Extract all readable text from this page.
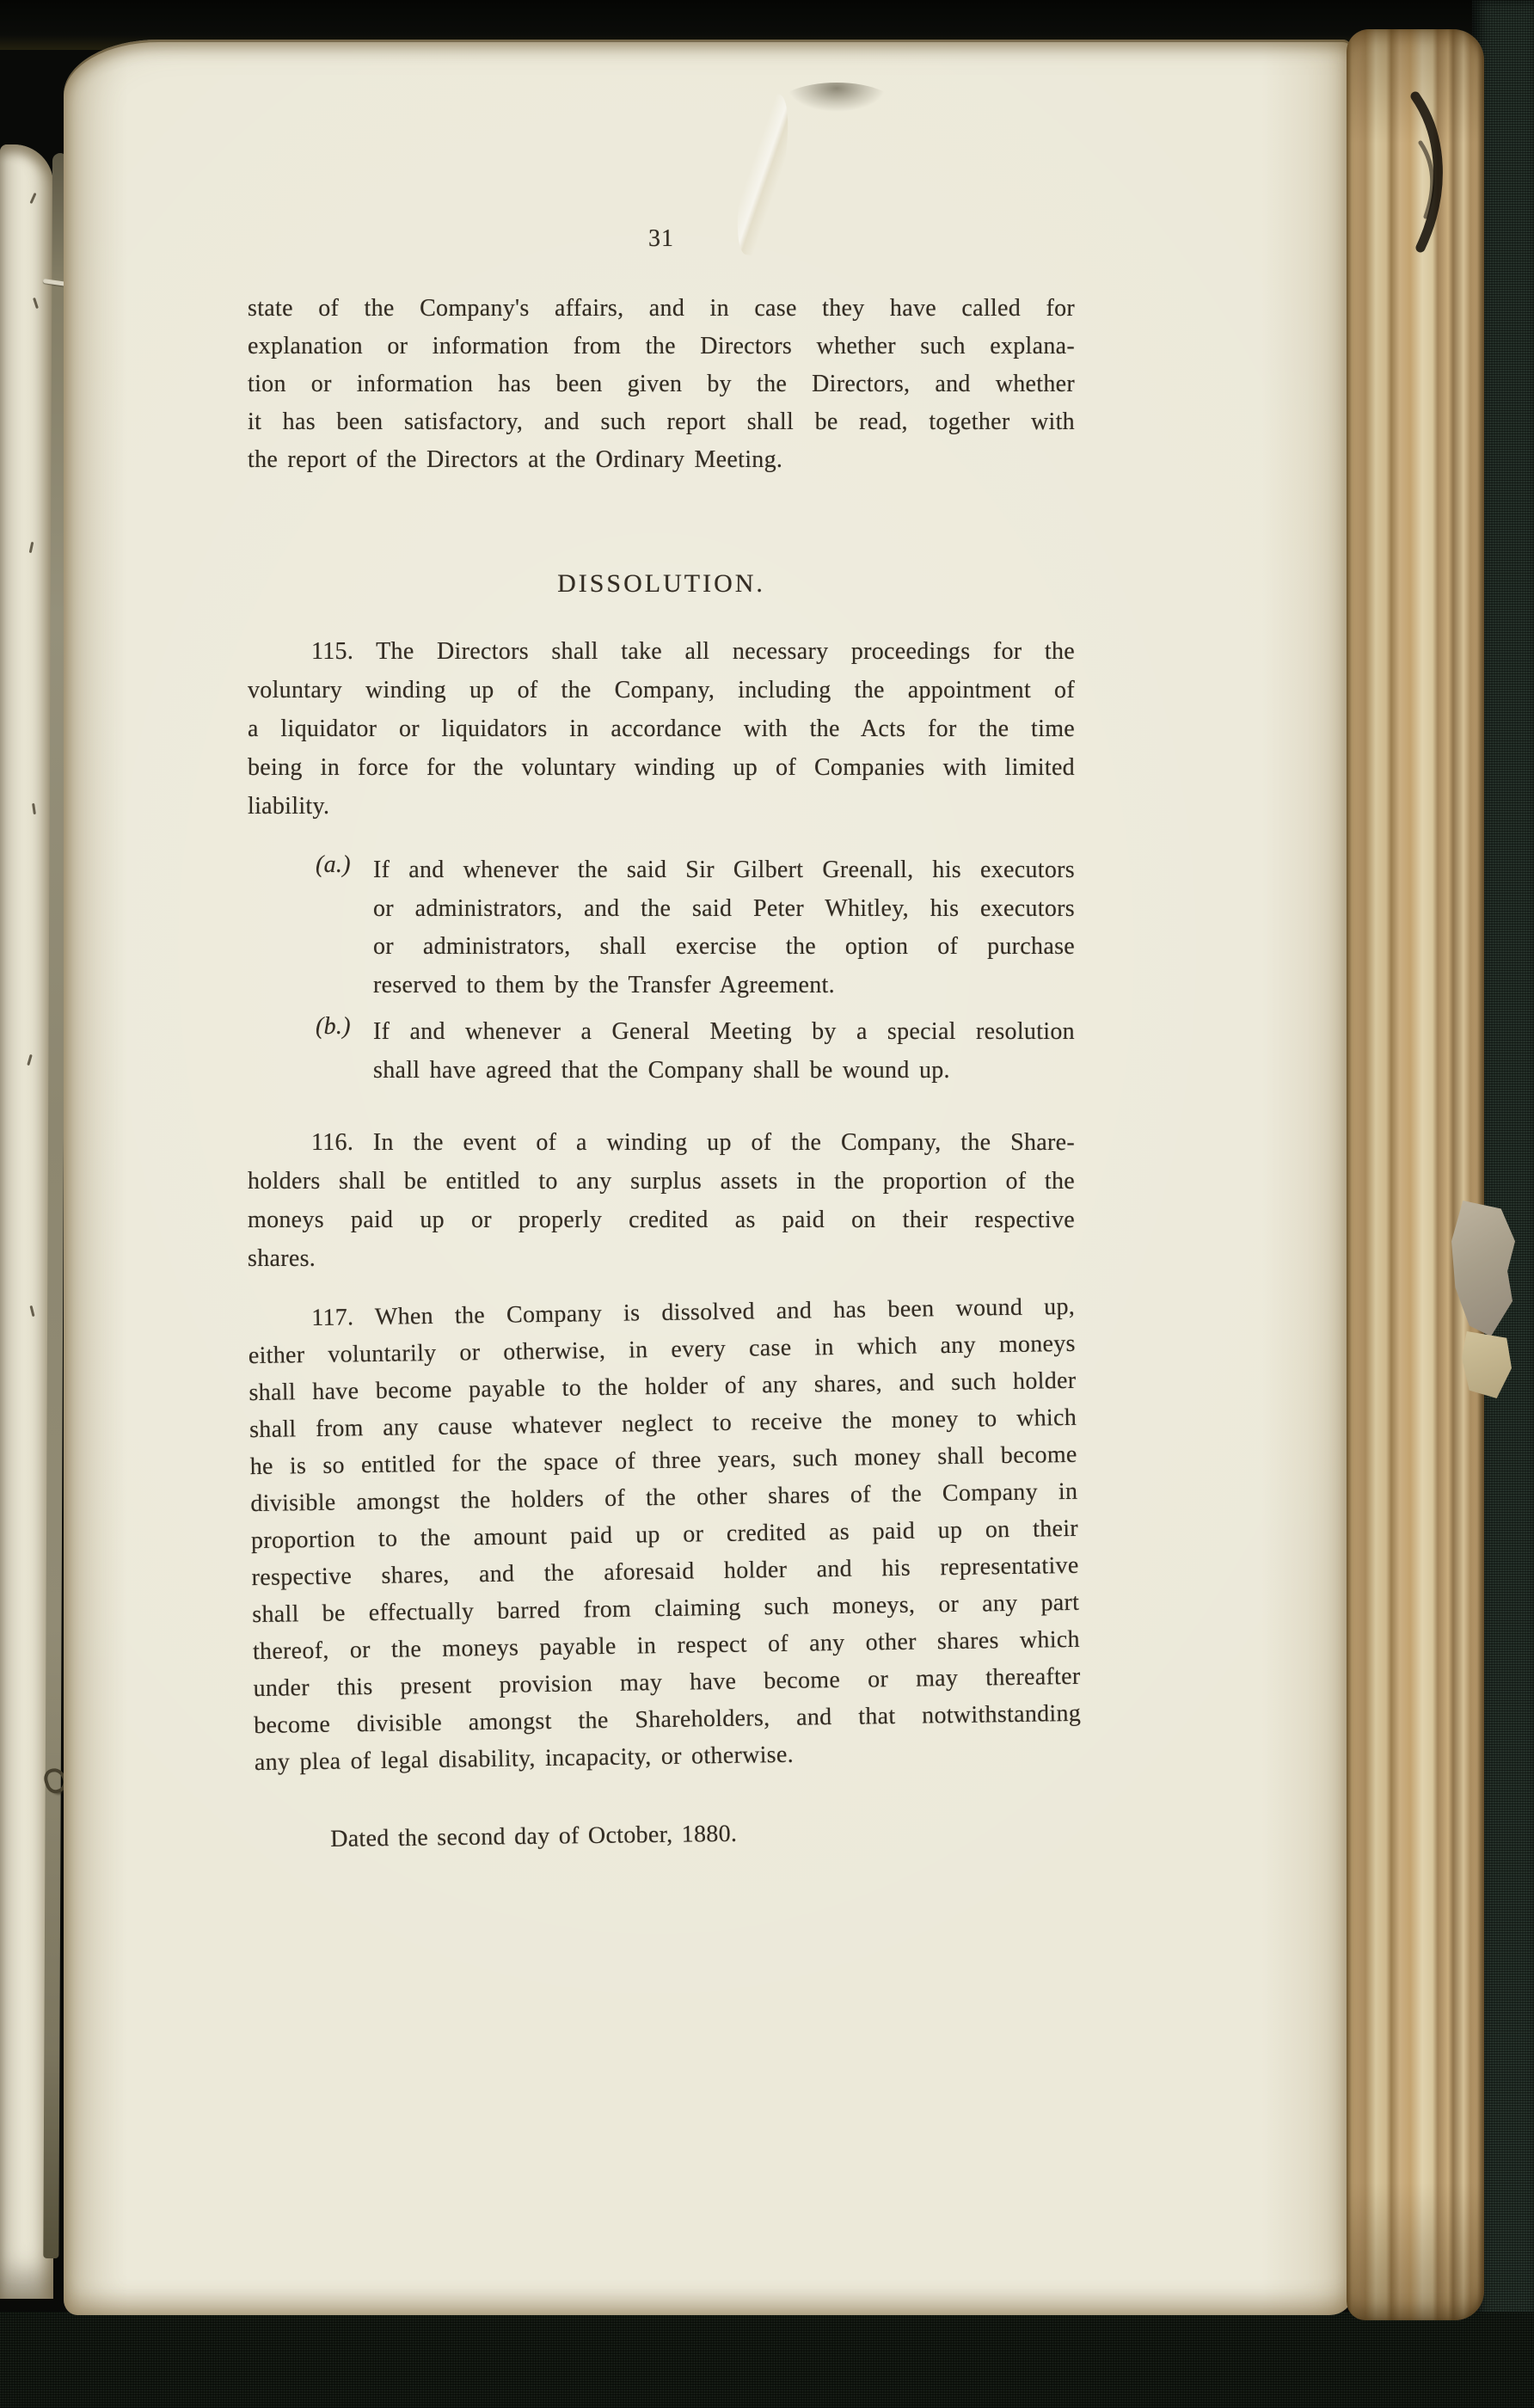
31
state of the Company's affairs, and in case they have called for
explanation or information from the Directors whether such explana-
tion or information has been given by the Directors, and whether
it has been satisfactory, and such report shall be read, together with
the report of the Directors at the Ordinary Meeting.
DISSOLUTION.
115. The Directors shall take all necessary proceedings for the
voluntary winding up of the Company, including the appointment of
a liquidator or liquidators in accordance with the Acts for the time
being in force for the voluntary winding up of Companies with limited
liability.
(a.) If and whenever the said Sir Gilbert Greenall, his executors
or administrators, and the said Peter Whitley, his executors
or administrators, shall exercise the option of purchase
reserved to them by the Transfer Agreement.
(b.) If and whenever a General Meeting by a special resolution
shall have agreed that the Company shall be wound up.
116. In the event of a winding up of the Company, the Share-
holders shall be entitled to any surplus assets in the proportion of the
moneys paid up or properly credited as paid on their respective
shares.
117. When the Company is dissolved and has been wound up,
either voluntarily or otherwise, in every case in which any moneys
shall have become payable to the holder of any shares, and such holder
shall from any cause whatever neglect to receive the money to which
he is so entitled for the space of three years, such money shall become
divisible amongst the holders of the other shares of the Company in
proportion to the amount paid up or credited as paid up on their
respective shares, and the aforesaid holder and his representative
shall be effectually barred from claiming such moneys, or any part
thereof, or the moneys payable in respect of any other shares which
under this present provision may have become or may thereafter
become divisible amongst the Shareholders, and that notwithstanding
any plea of legal disability, incapacity, or otherwise.
Dated the second day of October, 1880.
